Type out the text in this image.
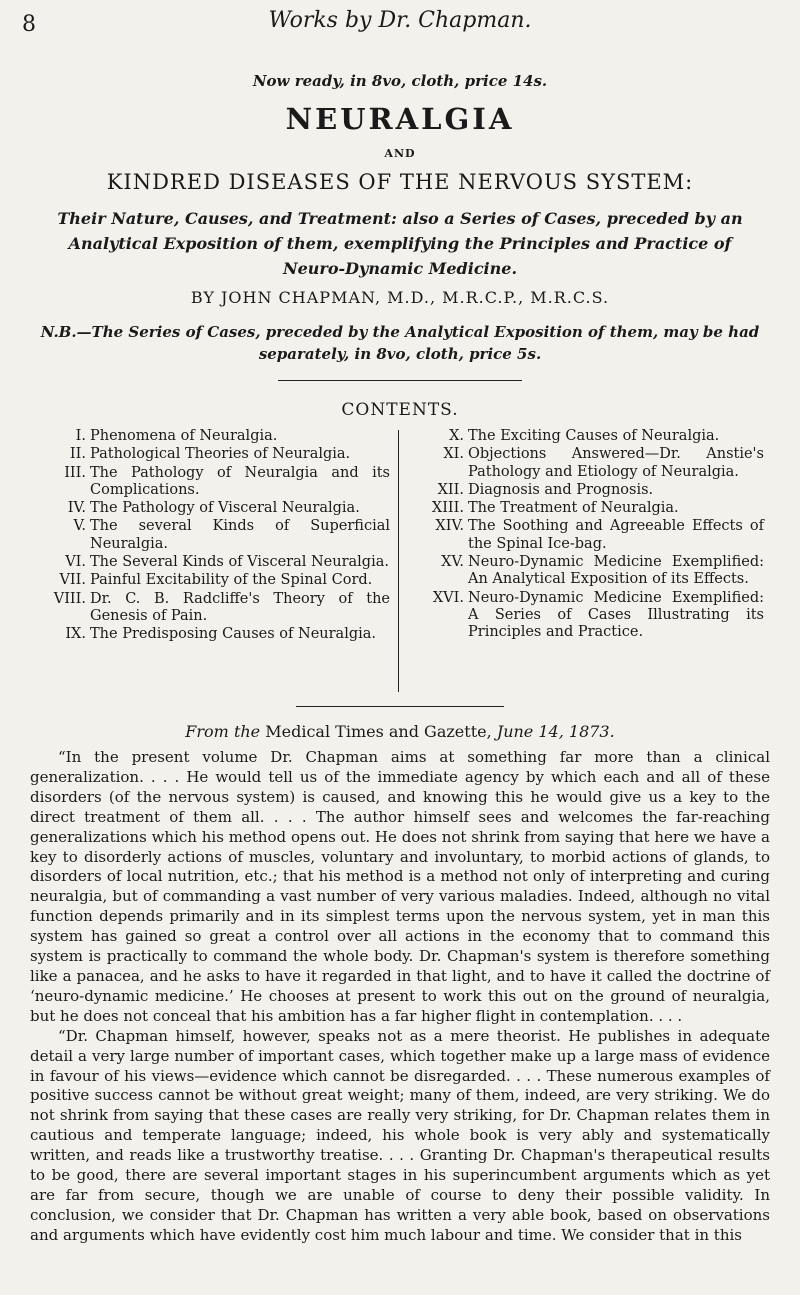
8	Works by Dr. Chapman.
Now ready, in 8vo, cloth, price 14s.
NEURALGIA
AND
KINDRED DISEASES OF THE NERVOUS SYSTEM:
Their Nature, Causes, and Treatment: also a Series of Cases, preceded by an Analytical Exposition of them, exemplifying the Principles and Practice of Neuro-Dynamic Medicine.
BY JOHN CHAPMAN, M.D., M.R.C.P., M.R.C.S.
N.B.—The Series of Cases, preceded by the Analytical Exposition of them, may be had separately, in 8vo, cloth, price 5s.
CONTENTS.
I. Phenomena of Neuralgia.
II. Pathological Theories of Neuralgia.
III. The Pathology of Neuralgia and its Complications.
IV. The Pathology of Visceral Neuralgia.
V. The several Kinds of Superficial Neuralgia.
VI. The Several Kinds of Visceral Neuralgia.
VII. Painful Excitability of the Spinal Cord.
VIII. Dr. C. B. Radcliffe's Theory of the Genesis of Pain.
IX. The Predisposing Causes of Neuralgia.
X. The Exciting Causes of Neuralgia.
XI. Objections Answered—Dr. Anstie's Pathology and Etiology of Neuralgia.
XII. Diagnosis and Prognosis.
XIII. The Treatment of Neuralgia.
XIV. The Soothing and Agreeable Effects of the Spinal Ice-bag.
XV. Neuro-Dynamic Medicine Exemplified: An Analytical Exposition of its Effects.
XVI. Neuro-Dynamic Medicine Exemplified: A Series of Cases Illustrating its Principles and Practice.
From the Medical Times and Gazette, June 14, 1873.

“In the present volume Dr. Chapman aims at something far more than a clinical generalization. . . . He would tell us of the immediate agency by which each and all of these disorders (of the nervous system) is caused, and knowing this he would give us a key to the direct treatment of them all. . . . The author himself sees and welcomes the far-reaching generalizations which his method opens out. He does not shrink from saying that here we have a key to disorderly actions of muscles, voluntary and involuntary, to morbid actions of glands, to disorders of local nutrition, etc.; that his method is a method not only of interpreting and curing neuralgia, but of commanding a vast number of very various maladies. Indeed, although no vital function depends primarily and in its simplest terms upon the nervous system, yet in man this system has gained so great a control over all actions in the economy that to command this system is practically to command the whole body. Dr. Chapman's system is therefore something like a panacea, and he asks to have it regarded in that light, and to have it called the doctrine of ‘neuro-dynamic medicine.’ He chooses at present to work this out on the ground of neuralgia, but he does not conceal that his ambition has a far higher flight in contemplation. . . .

“Dr. Chapman himself, however, speaks not as a mere theorist. He publishes in adequate detail a very large number of important cases, which together make up a large mass of evidence in favour of his views—evidence which cannot be disregarded. . . . These numerous examples of positive success cannot be without great weight; many of them, indeed, are very striking. We do not shrink from saying that these cases are really very striking, for Dr. Chapman relates them in cautious and temperate language; indeed, his whole book is very ably and systematically written, and reads like a trustworthy treatise. . . . Granting Dr. Chapman's therapeutical results to be good, there are several important stages in his superincumbent arguments which as yet are far from secure, though we are unable of course to deny their possible validity. In conclusion, we consider that Dr. Chapman has written a very able book, based on observations and arguments which have evidently cost him much labour and time. We consider that in this
